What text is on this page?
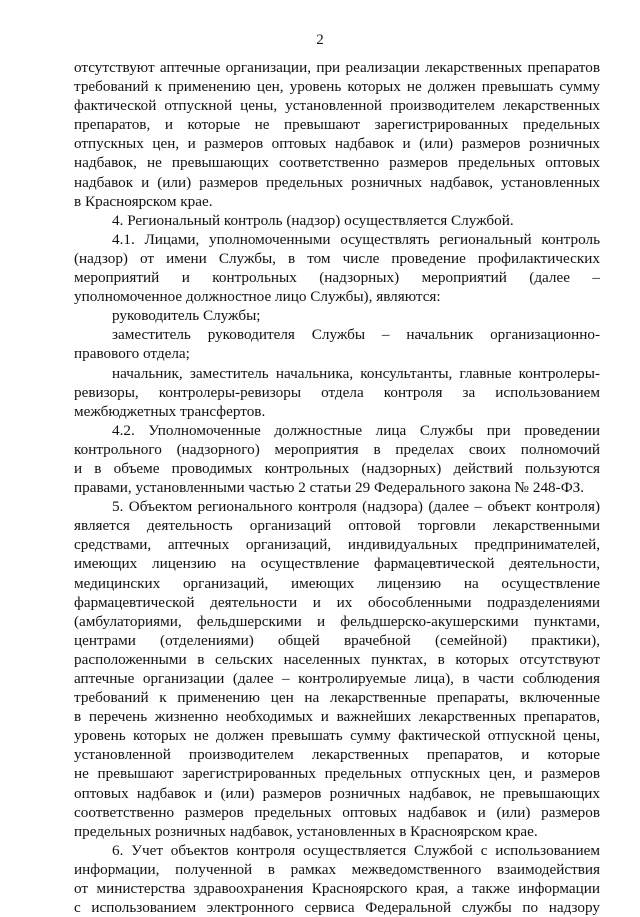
2
отсутствуют аптечные организации, при реализации лекарственных препаратов
требований к применению цен, уровень которых не должен превышать сумму
фактической отпускной цены, установленной производителем лекарственных
препаратов, и которые не превышают зарегистрированных предельных
отпускных цен, и размеров оптовых надбавок и (или) размеров розничных
надбавок, не превышающих соответственно размеров предельных оптовых
надбавок и (или) размеров предельных розничных надбавок, установленных
в Красноярском крае.
4. Региональный контроль (надзор) осуществляется Службой.
4.1. Лицами, уполномоченными осуществлять региональный контроль
(надзор) от имени Службы, в том числе проведение профилактических
мероприятий и контрольных (надзорных) мероприятий (далее –
уполномоченное должностное лицо Службы), являются:
руководитель Службы;
заместитель руководителя Службы – начальник организационно-
правового отдела;
начальник, заместитель начальника, консультанты, главные контролеры-
ревизоры, контролеры-ревизоры отдела контроля за использованием
межбюджетных трансфертов.
4.2. Уполномоченные должностные лица Службы при проведении
контрольного (надзорного) мероприятия в пределах своих полномочий
и в объеме проводимых контрольных (надзорных) действий пользуются
правами, установленными частью 2 статьи 29 Федерального закона № 248-ФЗ.
5. Объектом регионального контроля (надзора) (далее – объект контроля)
является деятельность организаций оптовой торговли лекарственными
средствами, аптечных организаций, индивидуальных предпринимателей,
имеющих лицензию на осуществление фармацевтической деятельности,
медицинских организаций, имеющих лицензию на осуществление
фармацевтической деятельности и их обособленными подразделениями
(амбулаториями, фельдшерскими и фельдшерско-акушерскими пунктами,
центрами (отделениями) общей врачебной (семейной) практики),
расположенными в сельских населенных пунктах, в которых отсутствуют
аптечные организации (далее – контролируемые лица), в части соблюдения
требований к применению цен на лекарственные препараты, включенные
в перечень жизненно необходимых и важнейших лекарственных препаратов,
уровень которых не должен превышать сумму фактической отпускной цены,
установленной производителем лекарственных препаратов, и которые
не превышают зарегистрированных предельных отпускных цен, и размеров
оптовых надбавок и (или) размеров розничных надбавок, не превышающих
соответственно размеров предельных оптовых надбавок и (или) размеров
предельных розничных надбавок, установленных в Красноярском крае.
6. Учет объектов контроля осуществляется Службой с использованием
информации, полученной в рамках межведомственного взаимодействия
от министерства здравоохранения Красноярского края, а также информации
с использованием электронного сервиса Федеральной службы по надзору
